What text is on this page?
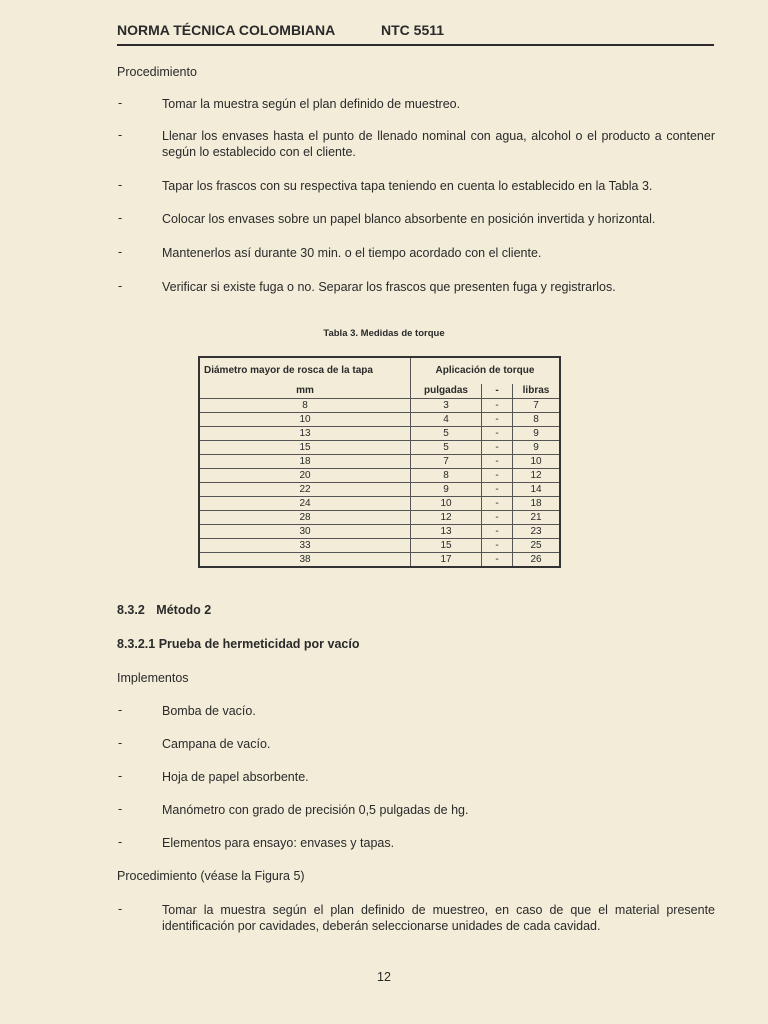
NORMA TÉCNICA COLOMBIANA	NTC 5511
Procedimiento
-	Tomar la muestra según el plan definido de muestreo.
-	Llenar los envases hasta el punto de llenado nominal con agua, alcohol o el producto a contener según lo establecido con el cliente.
-	Tapar los frascos con su respectiva tapa teniendo en cuenta lo establecido en la Tabla 3.
-	Colocar los envases sobre un papel blanco absorbente en posición invertida y horizontal.
-	Mantenerlos así durante 30 min. o el tiempo acordado con el cliente.
-	Verificar si existe fuga o no. Separar los frascos que presenten fuga y registrarlos.
Tabla 3. Medidas de torque
Diámetro mayor de rosca de la tapa	Aplicación de torque		
mm	pulgadas	-	libras
8	3	-	7
10	4	-	8
13	5	-	9
15	5	-	9
18	7	-	10
20	8	-	12
22	9	-	14
24	10	-	18
28	12	-	21
30	13	-	23
33	15	-	25
38	17	-	26
8.3.2 Método 2
8.3.2.1 Prueba de hermeticidad por vacío
Implementos
-	Bomba de vacío.
-	Campana de vacío.
-	Hoja de papel absorbente.
-	Manómetro con grado de precisión 0,5 pulgadas de hg.
-	Elementos para ensayo: envases y tapas.
Procedimiento (véase la Figura 5)
-	Tomar la muestra según el plan definido de muestreo, en caso de que el material presente identificación por cavidades, deberán seleccionarse unidades de cada cavidad.
12
